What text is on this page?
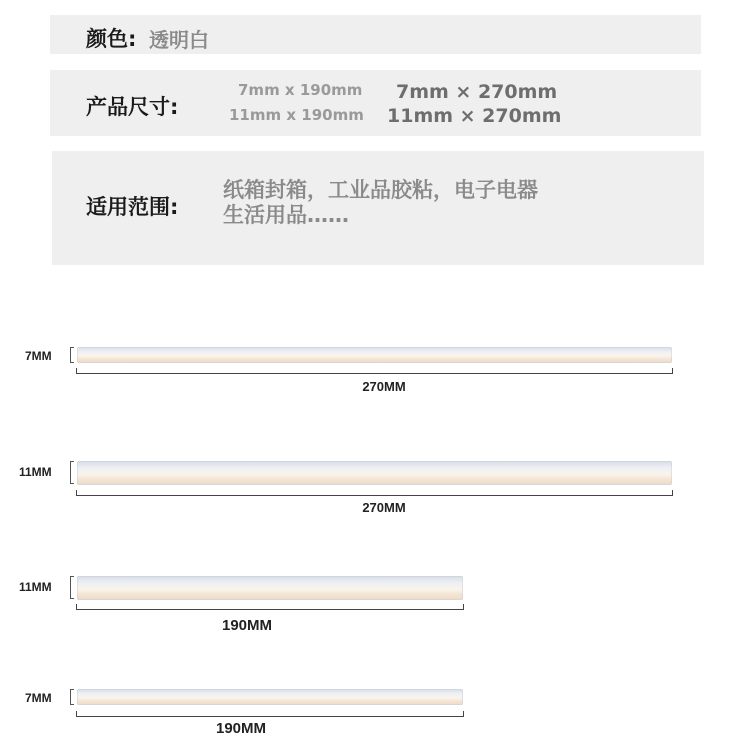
颜色: 透明白
产品尺寸:
7mm x 190mm
11mm x 190mm
7mm × 270mm
11mm × 270mm
适用范围:
纸箱封箱，工业品胶粘，电子电器
生活用品……
7MM
270MM
11MM
270MM
11MM
190MM
7MM
190MM
